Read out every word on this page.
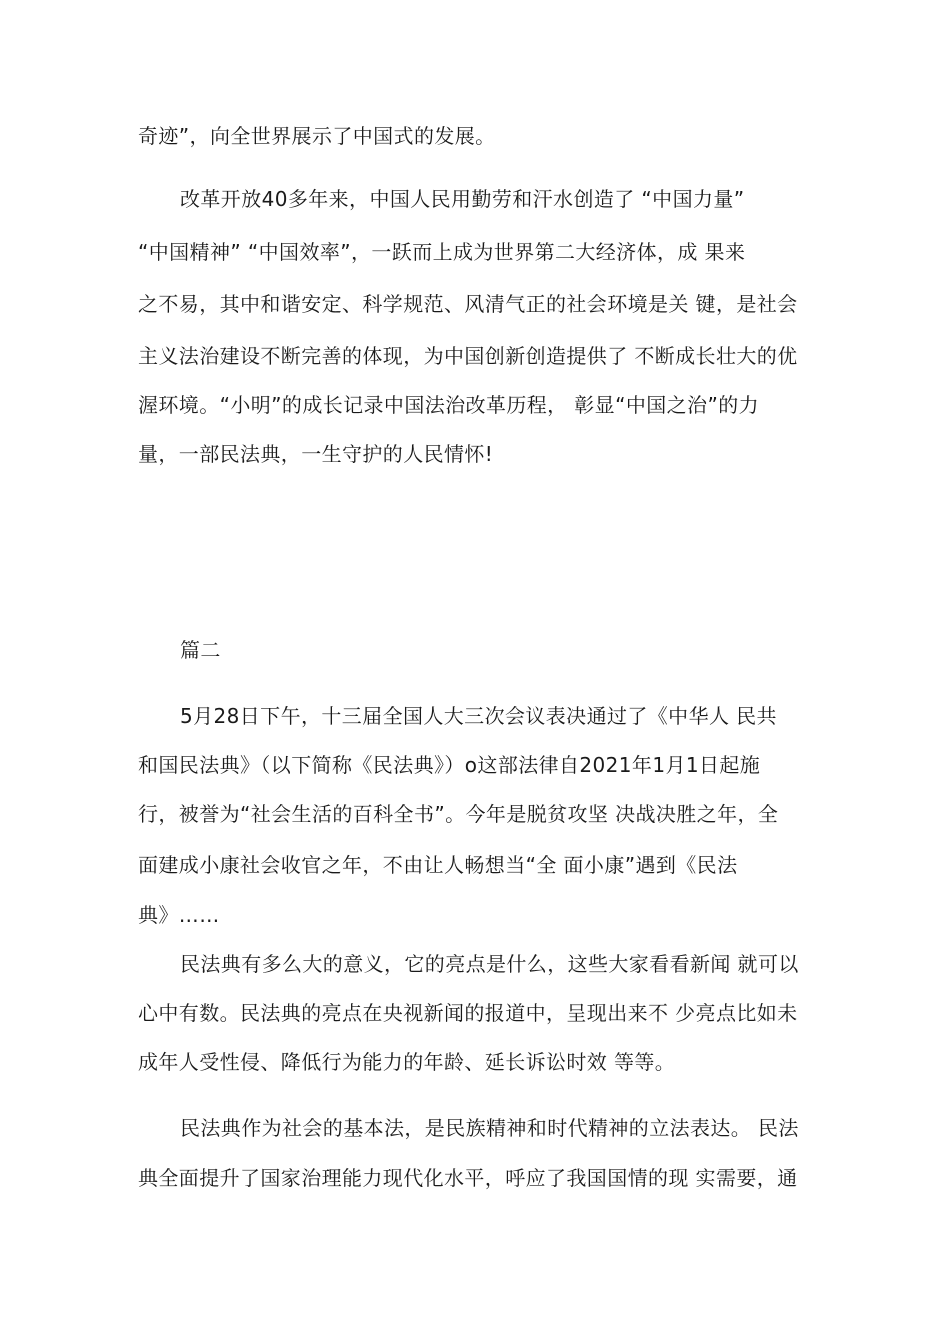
奇迹”，向全世界展示了中国式的发展。
改革开放40多年来，中国人民用勤劳和汗水创造了 “中国力量”
“中国精神” “中国效率”，一跃而上成为世界第二大经济体，成 果来
之不易，其中和谐安定、科学规范、风清气正的社会环境是关 键，是社会
主义法治建设不断完善的体现，为中国创新创造提供了 不断成长壮大的优
渥环境。“小明”的成长记录中国法治改革历程， 彰显“中国之治”的力
量，一部民法典，一生守护的人民情怀!
篇二
5月28日下午，十三届全国人大三次会议表决通过了《中华人 民共
和国民法典》（以下简称《民法典》）o这部法律自2021年1月1日起施
行，被誉为“社会生活的百科全书”。今年是脱贫攻坚 决战决胜之年，全
面建成小康社会收官之年，不由让人畅想当“全 面小康”遇到《民法
典》……
民法典有多么大的意义，它的亮点是什么，这些大家看看新闻 就可以
心中有数。民法典的亮点在央视新闻的报道中，呈现出来不 少亮点比如未
成年人受性侵、降低行为能力的年龄、延长诉讼时效 等等。
民法典作为社会的基本法，是民族精神和时代精神的立法表达。 民法
典全面提升了国家治理能力现代化水平，呼应了我国国情的现 实需要，通
